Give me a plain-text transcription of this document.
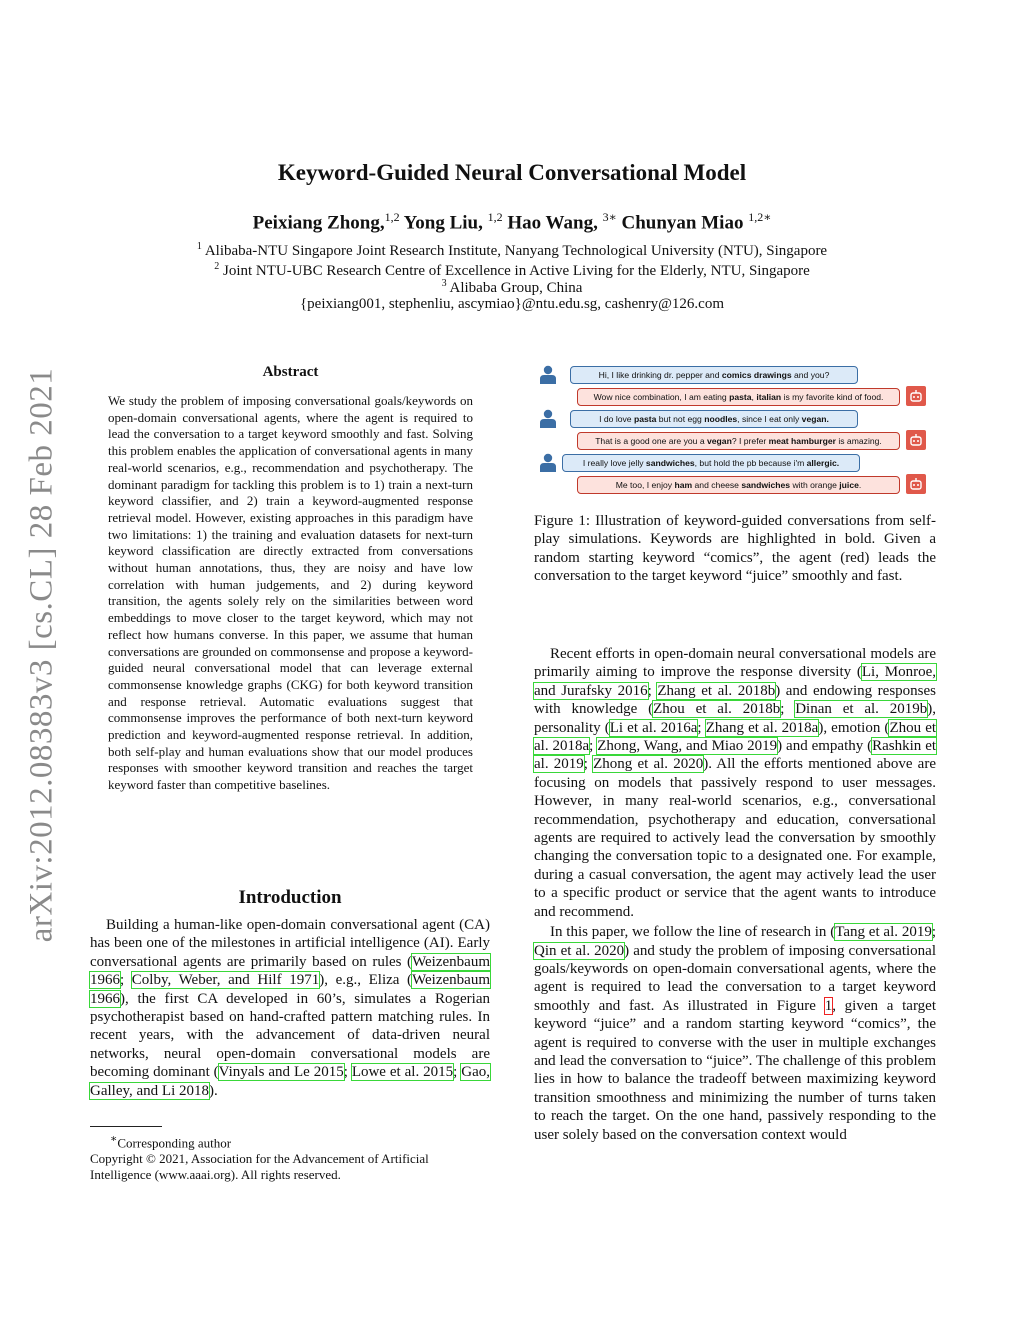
Keyword-Guided Neural Conversational Model
Peixiang Zhong,$^{1,2}$ Yong Liu, $^{1,2}$ Hao Wang, $^{3∗}$ Chunyan Miao $^{1,2∗}$
$^1$ Alibaba-NTU Singapore Joint Research Institute, Nanyang Technological University (NTU), Singapore
$^2$ Joint NTU-UBC Research Centre of Excellence in Active Living for the Elderly, NTU, Singapore
$^3$ Alibaba Group, China
{peixiang001, stephenliu, ascymiao}@ntu.edu.sg, cashenry@126.com
arXiv:2012.08383v3 [cs.CL] 28 Feb 2021	Abstract
We study the problem of imposing conversational goals/keywords on open-domain conversational agents, where the agent is required to lead the conversation to a target keyword smoothly and fast. Solving this problem enables the application of conversational agents in many real-world scenarios, e.g., recommendation and psychotherapy. The dominant paradigm for tackling this problem is to 1) train a next-turn keyword classifier, and 2) train a keyword-augmented response retrieval model. However, existing approaches in this paradigm have two limitations: 1) the training and evaluation datasets for next-turn keyword classification are directly extracted from conversations without human annotations, thus, they are noisy and have low correlation with human judgements, and 2) during keyword transition, the agents solely rely on the similarities between word embeddings to move closer to the target keyword, which may not reflect how humans converse. In this paper, we assume that human conversations are grounded on commonsense and propose a keyword-guided neural conversational model that can leverage external commonsense knowledge graphs (CKG) for both keyword transition and response retrieval. Automatic evaluations suggest that commonsense improves the performance of both next-turn keyword prediction and keyword-augmented response retrieval. In addition, both self-play and human evaluations show that our model produces responses with smoother keyword transition and reaches the target keyword faster than competitive baselines.
Introduction

Building a human-like open-domain conversational agent (CA) has been one of the milestones in artificial intelligence (AI). Early conversational agents are primarily based on rules (Weizenbaum 1966; Colby, Weber, and Hilf 1971), e.g., Eliza (Weizenbaum 1966), the first CA developed in 60’s, simulates a Rogerian psychotherapist based on hand-crafted pattern matching rules. In recent years, with the advancement of data-driven neural networks, neural open-domain conversational models are becoming dominant (Vinyals and Le 2015; Lowe et al. 2015; Gao, Galley, and Li 2018).

∗Corresponding author
Copyright © 2021, Association for the Advancement of Artificial Intelligence (www.aaai.org). All rights reserved.
Hi, I like drinking dr. pepper and comics drawings and you?
Wow nice combination, I am eating pasta, italian is my favorite kind of food.
I do love pasta but not egg noodles, since I eat only vegan.
That is a good one are you a vegan? I prefer meat hamburger is amazing.
I really love jelly sandwiches, but hold the pb because i'm allergic.
Me too, I enjoy ham and cheese sandwiches with orange juice.
Figure 1: Illustration of keyword-guided conversations from self-play simulations. Keywords are highlighted in bold. Given a random starting keyword “comics”, the agent (red) leads the conversation to the target keyword “juice” smoothly and fast.

Recent efforts in open-domain neural conversational models are primarily aiming to improve the response diversity (Li, Monroe, and Jurafsky 2016; Zhang et al. 2018b) and endowing responses with knowledge (Zhou et al. 2018b; Dinan et al. 2019b), personality (Li et al. 2016a; Zhang et al. 2018a), emotion (Zhou et al. 2018a; Zhong, Wang, and Miao 2019) and empathy (Rashkin et al. 2019; Zhong et al. 2020). All the efforts mentioned above are focusing on models that passively respond to user messages. However, in many real-world scenarios, e.g., conversational recommendation, psychotherapy and education, conversational agents are required to actively lead the conversation by smoothly changing the conversation topic to a designated one. For example, during a casual conversation, the agent may actively lead the user to a specific product or service that the agent wants to introduce and recommend.

In this paper, we follow the line of research in (Tang et al. 2019; Qin et al. 2020) and study the problem of imposing conversational goals/keywords on open-domain conversational agents, where the agent is required to lead the conversation to a target keyword smoothly and fast. As illustrated in Figure 1, given a target keyword “juice” and a random starting keyword “comics”, the agent is required to converse with the user in multiple exchanges and lead the conversation to “juice”. The challenge of this problem lies in how to balance the tradeoff between maximizing keyword transition smoothness and minimizing the number of turns taken to reach the target. On the one hand, passively responding to the user solely based on the conversation context would
